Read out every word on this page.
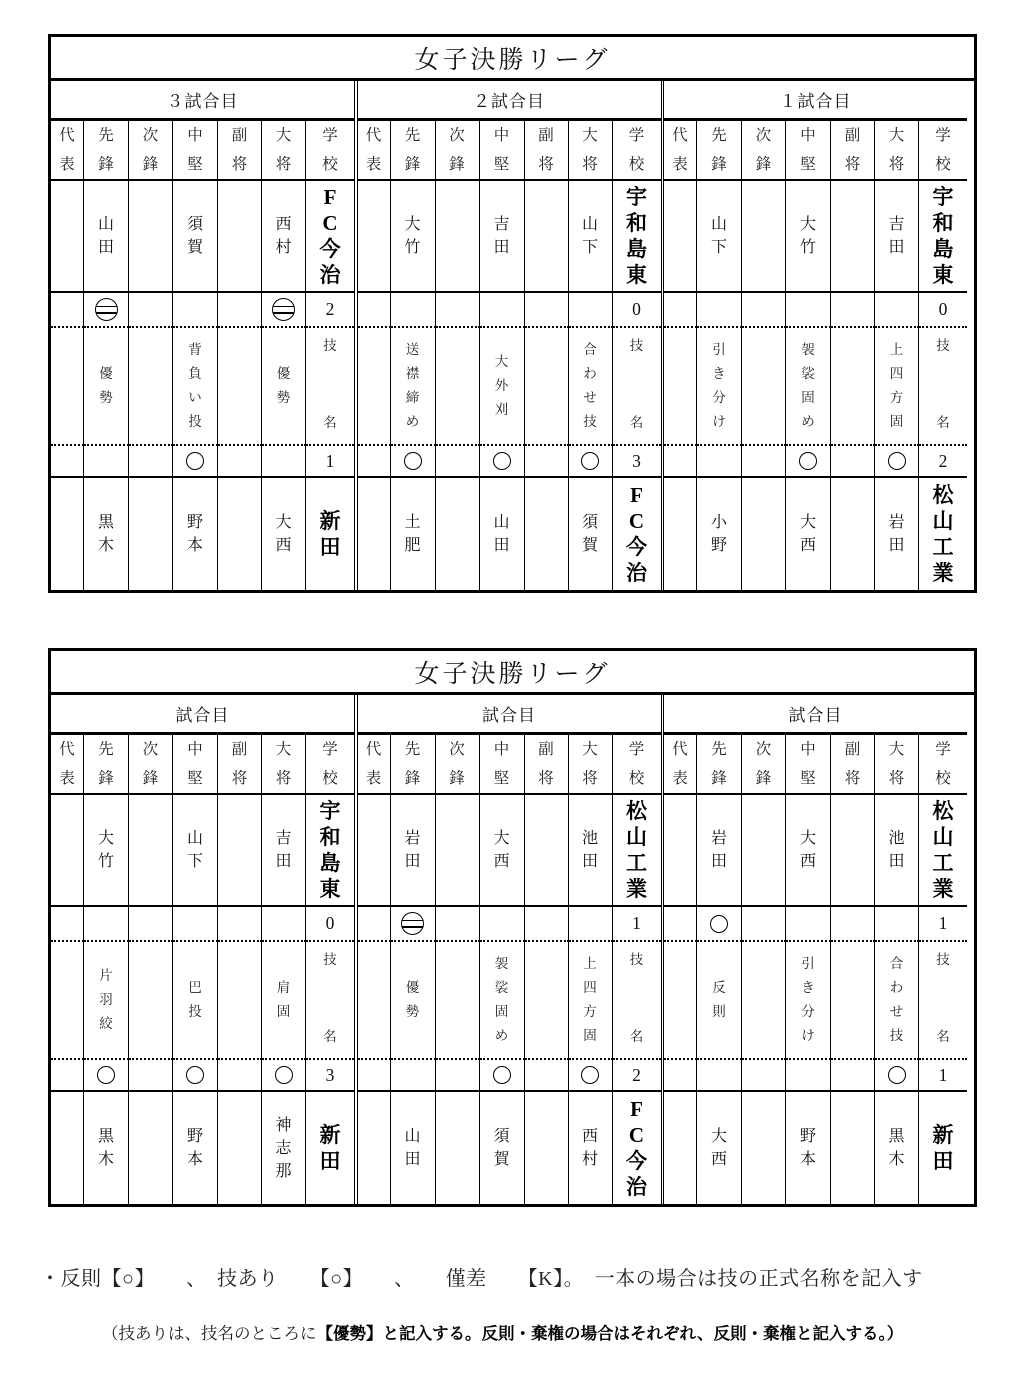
女子決勝リーグ
３試合目
代
表
先
鋒
次
鋒
中
堅
副
将
大
将
学
校
山
田
須
賀
西
村
F
C
今
治
2
優
勢
背
負
い
投
優
勢
技
名
1
黒
木
野
本
大
西
新
田
２試合目
代
表
先
鋒
次
鋒
中
堅
副
将
大
将
学
校
大
竹
吉
田
山
下
宇
和
島
東
0
送
襟
締
め
大
外
刈
合
わ
せ
技
技
名
3
土
肥
山
田
須
賀
F
C
今
治
１試合目
代
表
先
鋒
次
鋒
中
堅
副
将
大
将
学
校
山
下
大
竹
吉
田
宇
和
島
東
0
引
き
分
け
袈
裟
固
め
上
四
方
固
技
名
2
小
野
大
西
岩
田
松
山
工
業
女子決勝リーグ
試合目
代
表
先
鋒
次
鋒
中
堅
副
将
大
将
学
校
大
竹
山
下
吉
田
宇
和
島
東
0
片
羽
絞
巴
投
肩
固
技
名
3
黒
木
野
本
神
志
那
新
田
試合目
代
表
先
鋒
次
鋒
中
堅
副
将
大
将
学
校
岩
田
大
西
池
田
松
山
工
業
1
優
勢
袈
裟
固
め
上
四
方
固
技
名
2
山
田
須
賀
西
村
F
C
今
治
試合目
代
表
先
鋒
次
鋒
中
堅
副
将
大
将
学
校
岩
田
大
西
池
田
松
山
工
業
1
反
則
引
き
分
け
合
わ
せ
技
技
名
1
大
西
野
本
黒
木
新
田
・反則【○】　　、　技あり　　【○】　　、　　僅差　　【K】。　一本の場合は技の正式名称を記入す
（技ありは、技名のところに【優勢】と記入する。反則・棄権の場合はそれぞれ、反則・棄権と記入する。）
